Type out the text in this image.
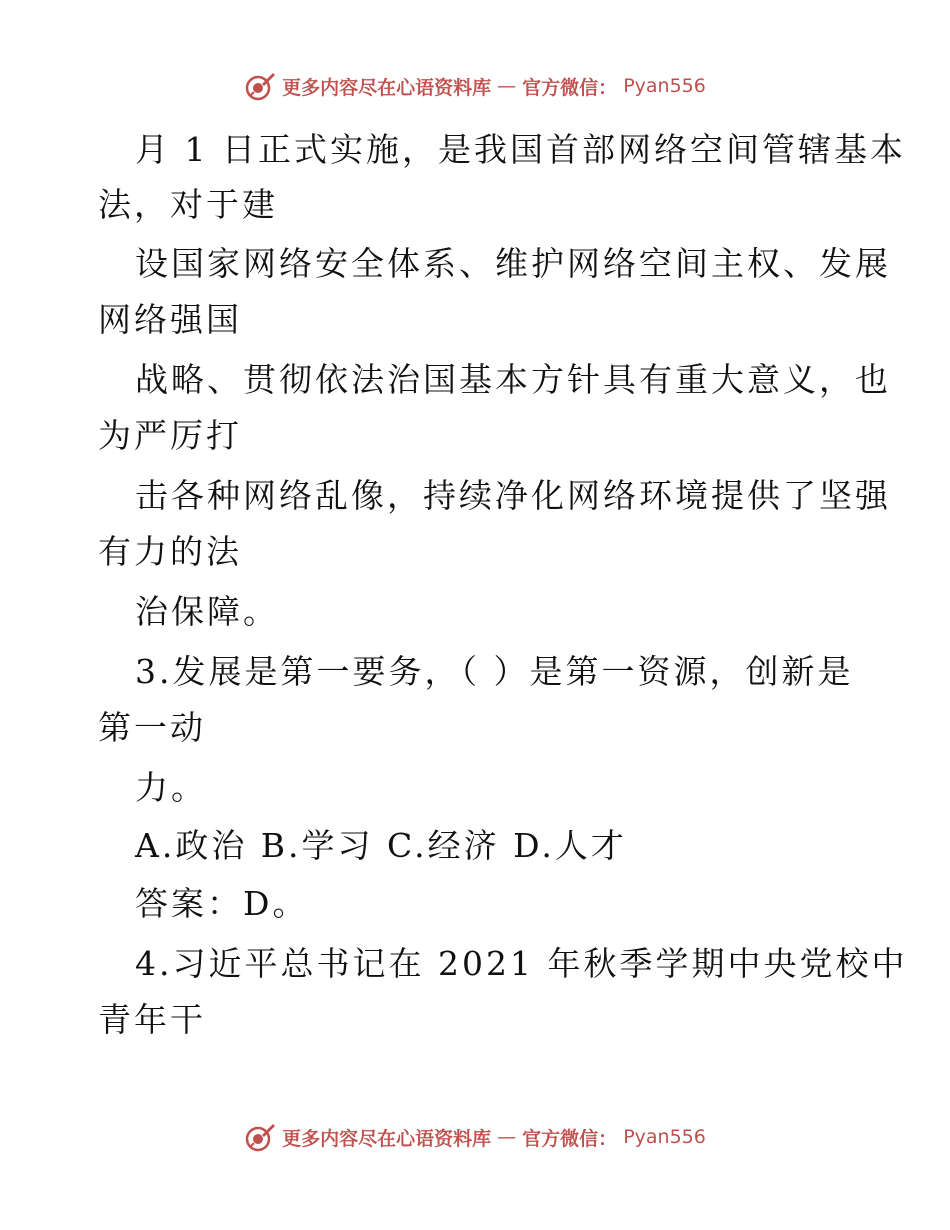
更多内容尽在心语资料库 — 官方微信： Pyan556
月 1 日正式实施，是我国首部网络空间管辖基本
法，对于建
设国家网络安全体系、维护网络空间主权、发展
网络强国
战略、贯彻依法治国基本方针具有重大意义，也
为严厉打
击各种网络乱像，持续净化网络环境提供了坚强
有力的法
治保障。
3.发展是第一要务，（ ）是第一资源，创新是
第一动
力。
A.政治 B.学习 C.经济 D.人才
答案：D。
4.习近平总书记在 2021 年秋季学期中央党校中
青年干
更多内容尽在心语资料库 — 官方微信： Pyan556
